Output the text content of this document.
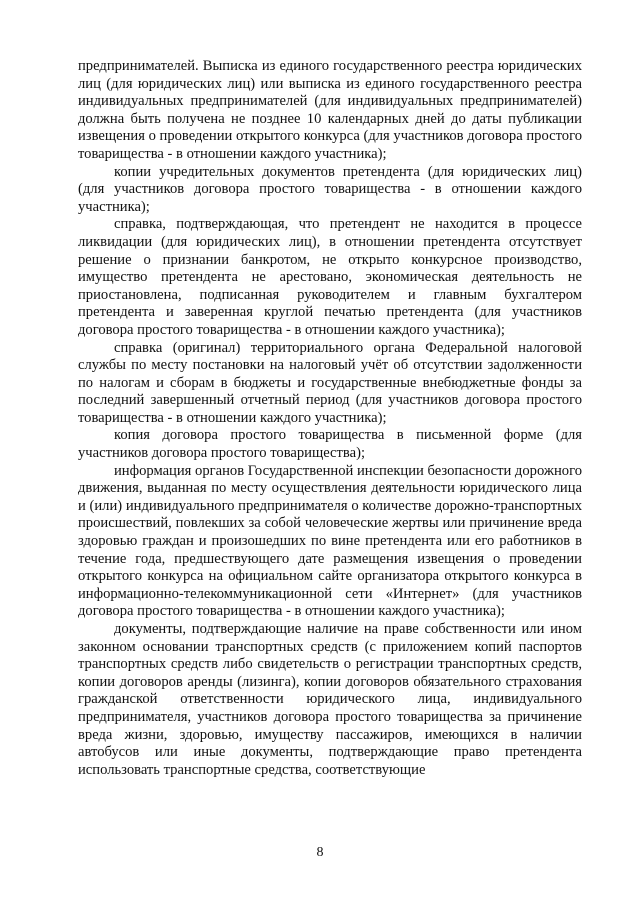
предпринимателей. Выписка из единого государственного реестра юридических лиц (для юридических лиц) или выписка из единого государственного реестра индивидуальных предпринимателей (для индивидуальных предпринимателей) должна быть получена не позднее 10 календарных дней до даты публикации извещения о проведении открытого конкурса (для участников договора простого товарищества - в отношении каждого участника);

копии учредительных документов претендента (для юридических лиц) (для участников договора простого товарищества - в отношении каждого участника);

справка, подтверждающая, что претендент не находится в процессе ликвидации (для юридических лиц), в отношении претендента отсутствует решение о признании банкротом, не открыто конкурсное производство, имущество претендента не арестовано, экономическая деятельность не приостановлена, подписанная руководителем и главным бухгалтером претендента и заверенная круглой печатью претендента (для участников договора простого товарищества - в отношении каждого участника);

справка (оригинал) территориального органа Федеральной налоговой службы по месту постановки на налоговый учёт об отсутствии задолженности по налогам и сборам в бюджеты и государственные внебюджетные фонды за последний завершенный отчетный период (для участников договора простого товарищества - в отношении каждого участника);

копия договора простого товарищества в письменной форме (для участников договора простого товарищества);

информация органов Государственной инспекции безопасности дорожного движения, выданная по месту осуществления деятельности юридического лица и (или) индивидуального предпринимателя о количестве дорожно-транспортных происшествий, повлекших за собой человеческие жертвы или причинение вреда здоровью граждан и произошедших по вине претендента или его работников в течение года, предшествующего дате размещения извещения о проведении открытого конкурса на официальном сайте организатора открытого конкурса в информационно-телекоммуникационной сети «Интернет» (для участников договора простого товарищества - в отношении каждого участника);

документы, подтверждающие наличие на праве собственности или ином законном основании транспортных средств (с приложением копий паспортов транспортных средств либо свидетельств о регистрации транспортных средств, копии договоров аренды (лизинга), копии договоров обязательного страхования гражданской ответственности юридического лица, индивидуального предпринимателя, участников договора простого товарищества за причинение вреда жизни, здоровью, имуществу пассажиров, имеющихся в наличии автобусов или иные документы, подтверждающие право претендента использовать транспортные средства, соответствующие

8
